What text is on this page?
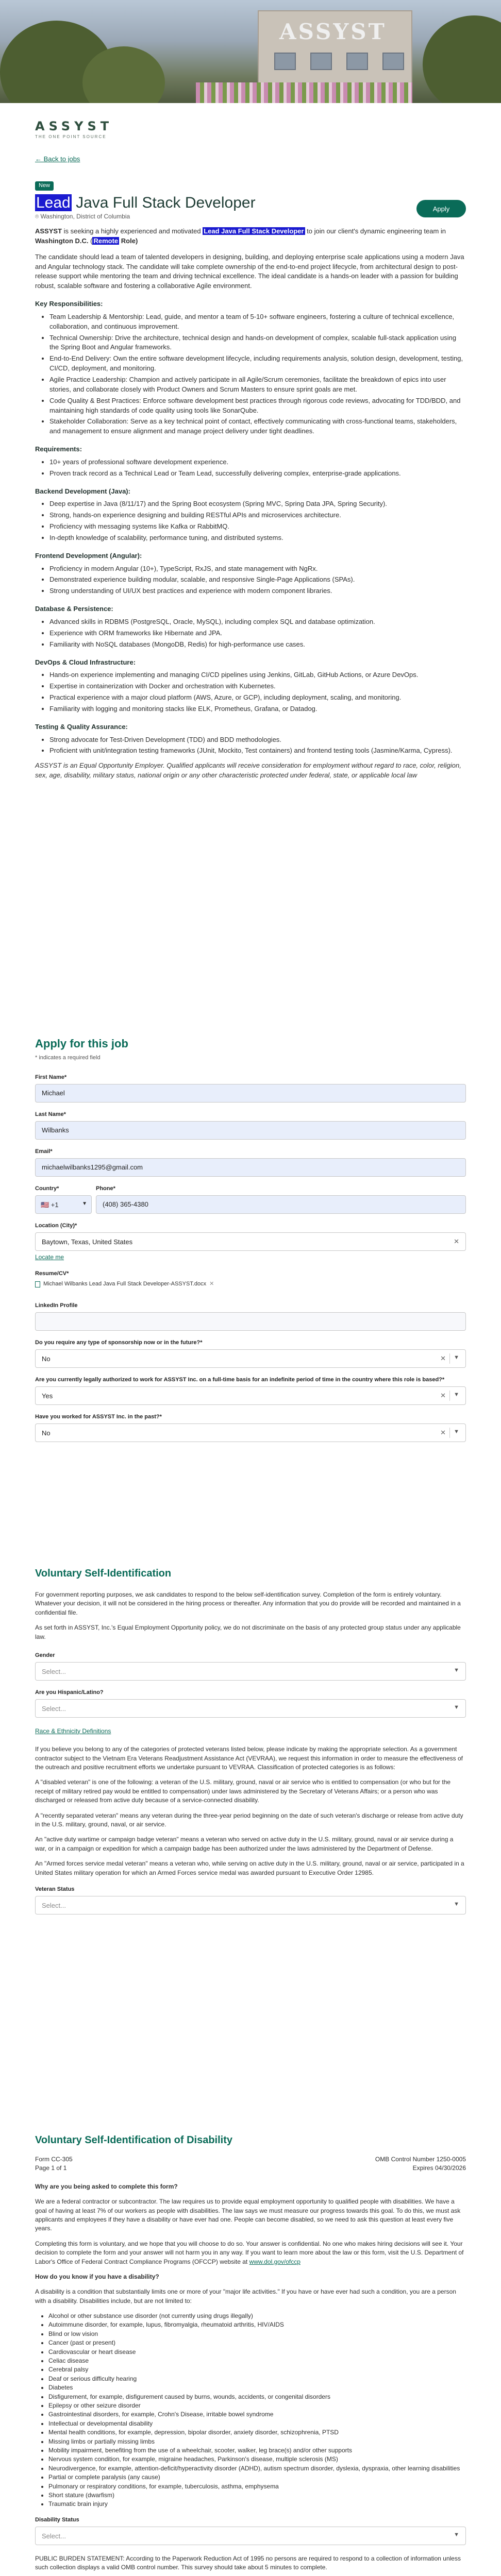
ASSYST
ASSYST
THE ONE POINT SOURCE
← Back to jobs
New
Lead Java Full Stack Developer
⌾ Washington, District of Columbia
Apply

ASSYST is seeking a highly experienced and motivated Lead Java Full Stack Developer to join our client's dynamic engineering team in Washington D.C. ( Remote Role)

The candidate should lead a team of talented developers in designing, building, and deploying enterprise scale applications using a modern Java and Angular technology stack. The candidate will take complete ownership of the end-to-end project lifecycle, from architectural design to post-release support while mentoring the team and driving technical excellence. The ideal candidate is a hands-on leader with a passion for building robust, scalable software and fostering a collaborative Agile environment.

Key Responsibilities:
• Team Leadership & Mentorship: Lead, guide, and mentor a team of 5-10+ software engineers, fostering a culture of technical excellence, collaboration, and continuous improvement.
• Technical Ownership: Drive the architecture, technical design and hands-on development of complex, scalable full-stack application using the Spring Boot and Angular frameworks.
• End-to-End Delivery: Own the entire software development lifecycle, including requirements analysis, solution design, development, testing, CI/CD, deployment, and monitoring.
• Agile Practice Leadership: Champion and actively participate in all Agile/Scrum ceremonies, facilitate the breakdown of epics into user stories, and collaborate closely with Product Owners and Scrum Masters to ensure sprint goals are met.
• Code Quality & Best Practices: Enforce software development best practices through rigorous code reviews, advocating for TDD/BDD, and maintaining high standards of code quality using tools like SonarQube.
• Stakeholder Collaboration: Serve as a key technical point of contact, effectively communicating with cross-functional teams, stakeholders, and management to ensure alignment and manage project delivery under tight deadlines.
Requirements:
• 10+ years of professional software development experience.
• Proven track record as a Technical Lead or Team Lead, successfully delivering complex, enterprise-grade applications.
Backend Development (Java):
• Deep expertise in Java (8/11/17) and the Spring Boot ecosystem (Spring MVC, Spring Data JPA, Spring Security).
• Strong, hands-on experience designing and building RESTful APIs and microservices architecture.
• Proficiency with messaging systems like Kafka or RabbitMQ.
• In-depth knowledge of scalability, performance tuning, and distributed systems.
Frontend Development (Angular):
• Proficiency in modern Angular (10+), TypeScript, RxJS, and state management with NgRx.
• Demonstrated experience building modular, scalable, and responsive Single-Page Applications (SPAs).
• Strong understanding of UI/UX best practices and experience with modern component libraries.
Database & Persistence:
• Advanced skills in RDBMS (PostgreSQL, Oracle, MySQL), including complex SQL and database optimization.
• Experience with ORM frameworks like Hibernate and JPA.
• Familiarity with NoSQL databases (MongoDB, Redis) for high-performance use cases.
DevOps & Cloud Infrastructure:
• Hands-on experience implementing and managing CI/CD pipelines using Jenkins, GitLab, GitHub Actions, or Azure DevOps.
• Expertise in containerization with Docker and orchestration with Kubernetes.
• Practical experience with a major cloud platform (AWS, Azure, or GCP), including deployment, scaling, and monitoring.
• Familiarity with logging and monitoring stacks like ELK, Prometheus, Grafana, or Datadog.
Testing & Quality Assurance:
• Strong advocate for Test-Driven Development (TDD) and BDD methodologies.
• Proficient with unit/integration testing frameworks (JUnit, Mockito, Test containers) and frontend testing tools (Jasmine/Karma, Cypress).

ASSYST is an Equal Opportunity Employer. Qualified applicants will receive consideration for employment without regard to race, color, religion, sex, age, disability, military status, national origin or any other characteristic protected under federal, state, or applicable local law

Apply for this job
* indicates a required field
First Name*
Michael
Last Name*
Wilbanks
Email*
michaelwilbanks1295@gmail.com
Country*
🇺🇸 +1	▼
Phone*
(408) 365-4380
Location (City)*
Baytown, Texas, United States	✕
Locate me
Resume/CV*
Michael Wilbanks Lead Java Full Stack Developer-ASSYST.docx ✕
LinkedIn Profile
Do you require any type of sponsorship now or in the future?*
No	✕ ▼
Are you currently legally authorized to work for ASSYST Inc. on a full-time basis for an indefinite period of time in the country where this role is based?*
Yes	✕ ▼
Have you worked for ASSYST Inc. in the past?*
No	✕ ▼
Voluntary Self-Identification

For government reporting purposes, we ask candidates to respond to the below self-identification survey. Completion of the form is entirely voluntary. Whatever your decision, it will not be considered in the hiring process or thereafter. Any information that you do provide will be recorded and maintained in a confidential file.

As set forth in ASSYST, Inc.'s Equal Employment Opportunity policy, we do not discriminate on the basis of any protected group status under any applicable law.

Gender
Select...	▼
Are you Hispanic/Latino?
Select...	▼
Race & Ethnicity Definitions

If you believe you belong to any of the categories of protected veterans listed below, please indicate by making the appropriate selection. As a government contractor subject to the Vietnam Era Veterans Readjustment Assistance Act (VEVRAA), we request this information in order to measure the effectiveness of the outreach and positive recruitment efforts we undertake pursuant to VEVRAA. Classification of protected categories is as follows:

A "disabled veteran" is one of the following: a veteran of the U.S. military, ground, naval or air service who is entitled to compensation (or who but for the receipt of military retired pay would be entitled to compensation) under laws administered by the Secretary of Veterans Affairs; or a person who was discharged or released from active duty because of a service-connected disability.

A "recently separated veteran" means any veteran during the three-year period beginning on the date of such veteran's discharge or release from active duty in the U.S. military, ground, naval, or air service.

An "active duty wartime or campaign badge veteran" means a veteran who served on active duty in the U.S. military, ground, naval or air service during a war, or in a campaign or expedition for which a campaign badge has been authorized under the laws administered by the Department of Defense.

An "Armed forces service medal veteran" means a veteran who, while serving on active duty in the U.S. military, ground, naval or air service, participated in a United States military operation for which an Armed Forces service medal was awarded pursuant to Executive Order 12985.

Veteran Status
Select...	▼
Voluntary Self-Identification of Disability
Form CC-305	OMB Control Number 1250-0005
Page 1 of 1	Expires 04/30/2026

Why are you being asked to complete this form?

We are a federal contractor or subcontractor. The law requires us to provide equal employment opportunity to qualified people with disabilities. We have a goal of having at least 7% of our workers as people with disabilities. The law says we must measure our progress towards this goal. To do this, we must ask applicants and employees if they have a disability or have ever had one. People can become disabled, so we need to ask this question at least every five years.

Completing this form is voluntary, and we hope that you will choose to do so. Your answer is confidential. No one who makes hiring decisions will see it. Your decision to complete the form and your answer will not harm you in any way. If you want to learn more about the law or this form, visit the U.S. Department of Labor's Office of Federal Contract Compliance Programs (OFCCP) website at www.dol.gov/ofccp

How do you know if you have a disability?

A disability is a condition that substantially limits one or more of your "major life activities." If you have or have ever had such a condition, you are a person with a disability. Disabilities include, but are not limited to:

• Alcohol or other substance use disorder (not currently using drugs illegally)
• Autoimmune disorder, for example, lupus, fibromyalgia, rheumatoid arthritis, HIV/AIDS
• Blind or low vision
• Cancer (past or present)
• Cardiovascular or heart disease
• Celiac disease
• Cerebral palsy
• Deaf or serious difficulty hearing
• Diabetes
• Disfigurement, for example, disfigurement caused by burns, wounds, accidents, or congenital disorders
• Epilepsy or other seizure disorder
• Gastrointestinal disorders, for example, Crohn's Disease, irritable bowel syndrome
• Intellectual or developmental disability
• Mental health conditions, for example, depression, bipolar disorder, anxiety disorder, schizophrenia, PTSD
• Missing limbs or partially missing limbs
• Mobility impairment, benefiting from the use of a wheelchair, scooter, walker, leg brace(s) and/or other supports
• Nervous system condition, for example, migraine headaches, Parkinson's disease, multiple sclerosis (MS)
• Neurodivergence, for example, attention-deficit/hyperactivity disorder (ADHD), autism spectrum disorder, dyslexia, dyspraxia, other learning disabilities
• Partial or complete paralysis (any cause)
• Pulmonary or respiratory conditions, for example, tuberculosis, asthma, emphysema
• Short stature (dwarfism)
• Traumatic brain injury
Disability Status
Select...	▼

PUBLIC BURDEN STATEMENT: According to the Paperwork Reduction Act of 1995 no persons are required to respond to a collection of information unless such collection displays a valid OMB control number. This survey should take about 5 minutes to complete.
